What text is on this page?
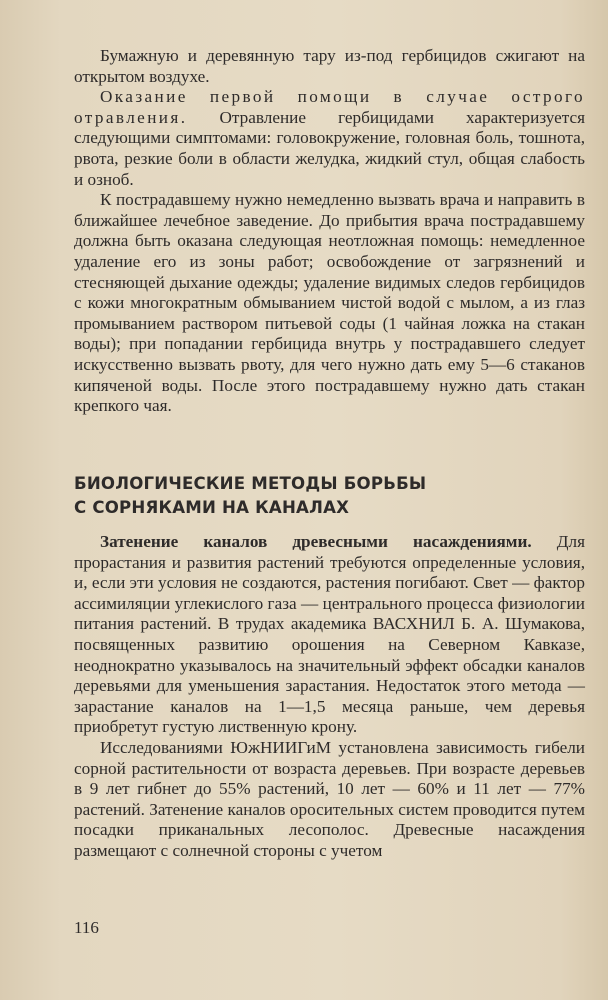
Бумажную и деревянную тару из-под гербицидов сжигают на открытом воздухе.

Оказание первой помощи в случае острого отравления. Отравление гербицидами характеризуется следующими симптомами: головокружение, головная боль, тошнота, рвота, резкие боли в области желудка, жидкий стул, общая слабость и озноб.

К пострадавшему нужно немедленно вызвать врача и направить в ближайшее лечебное заведение. До прибытия врача пострадавшему должна быть оказана следующая неотложная помощь: немедленное удаление его из зоны работ; освобождение от загрязнений и стесняющей дыхание одежды; удаление видимых следов гербицидов с кожи многократным обмыванием чистой водой с мылом, а из глаз промыванием раствором питьевой соды (1 чайная ложка на стакан воды); при попадании гербицида внутрь у пострадавшего следует искусственно вызвать рвоту, для чего нужно дать ему 5—6 стаканов кипяченой воды. После этого пострадавшему нужно дать стакан крепкого чая.

БИОЛОГИЧЕСКИЕ МЕТОДЫ БОРЬБЫ
С СОРНЯКАМИ НА КАНАЛАХ

Затенение каналов древесными насаждениями. Для прорастания и развития растений требуются определенные условия, и, если эти условия не создаются, растения погибают. Свет — фактор ассимиляции углекислого газа — центрального процесса физиологии питания растений. В трудах академика ВАСХНИЛ Б. А. Шумакова, посвященных развитию орошения на Северном Кавказе, неоднократно указывалось на значительный эффект обсадки каналов деревьями для уменьшения зарастания. Недостаток этого метода — зарастание каналов на 1—1,5 месяца раньше, чем деревья приобретут густую лиственную крону.

Исследованиями ЮжНИИГиМ установлена зависимость гибели сорной растительности от возраста деревьев. При возрасте деревьев в 9 лет гибнет до 55% растений, 10 лет — 60% и 11 лет — 77% растений. Затенение каналов оросительных систем проводится путем посадки приканальных лесополос. Древесные насаждения размещают с солнечной стороны с учетом

116
